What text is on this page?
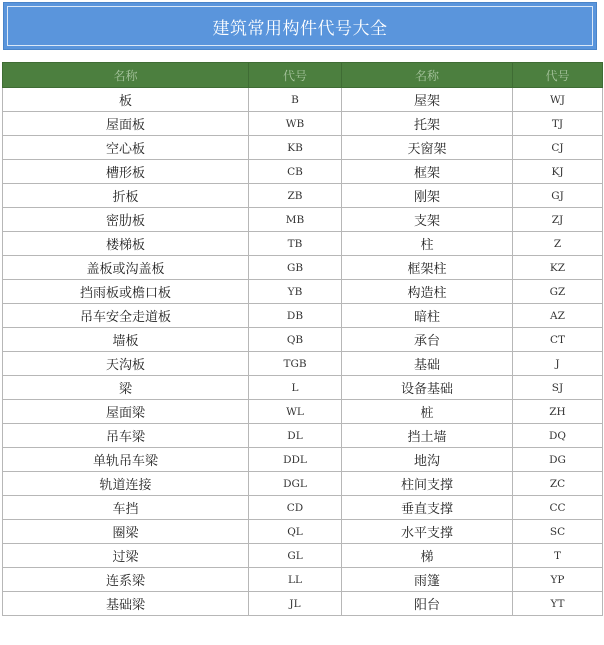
建筑常用构件代号大全
名称	代号	名称	代号
板	B	屋架	WJ
屋面板	WB	托架	TJ
空心板	KB	天窗架	CJ
槽形板	CB	框架	KJ
折板	ZB	刚架	GJ
密肋板	MB	支架	ZJ
楼梯板	TB	柱	Z
盖板或沟盖板	GB	框架柱	KZ
挡雨板或檐口板	YB	构造柱	GZ
吊车安全走道板	DB	暗柱	AZ
墙板	QB	承台	CT
天沟板	TGB	基础	J
梁	L	设备基础	SJ
屋面梁	WL	桩	ZH
吊车梁	DL	挡土墙	DQ
单轨吊车梁	DDL	地沟	DG
轨道连接	DGL	柱间支撑	ZC
车挡	CD	垂直支撑	CC
圈梁	QL	水平支撑	SC
过梁	GL	梯	T
连系梁	LL	雨篷	YP
基础梁	JL	阳台	YT
